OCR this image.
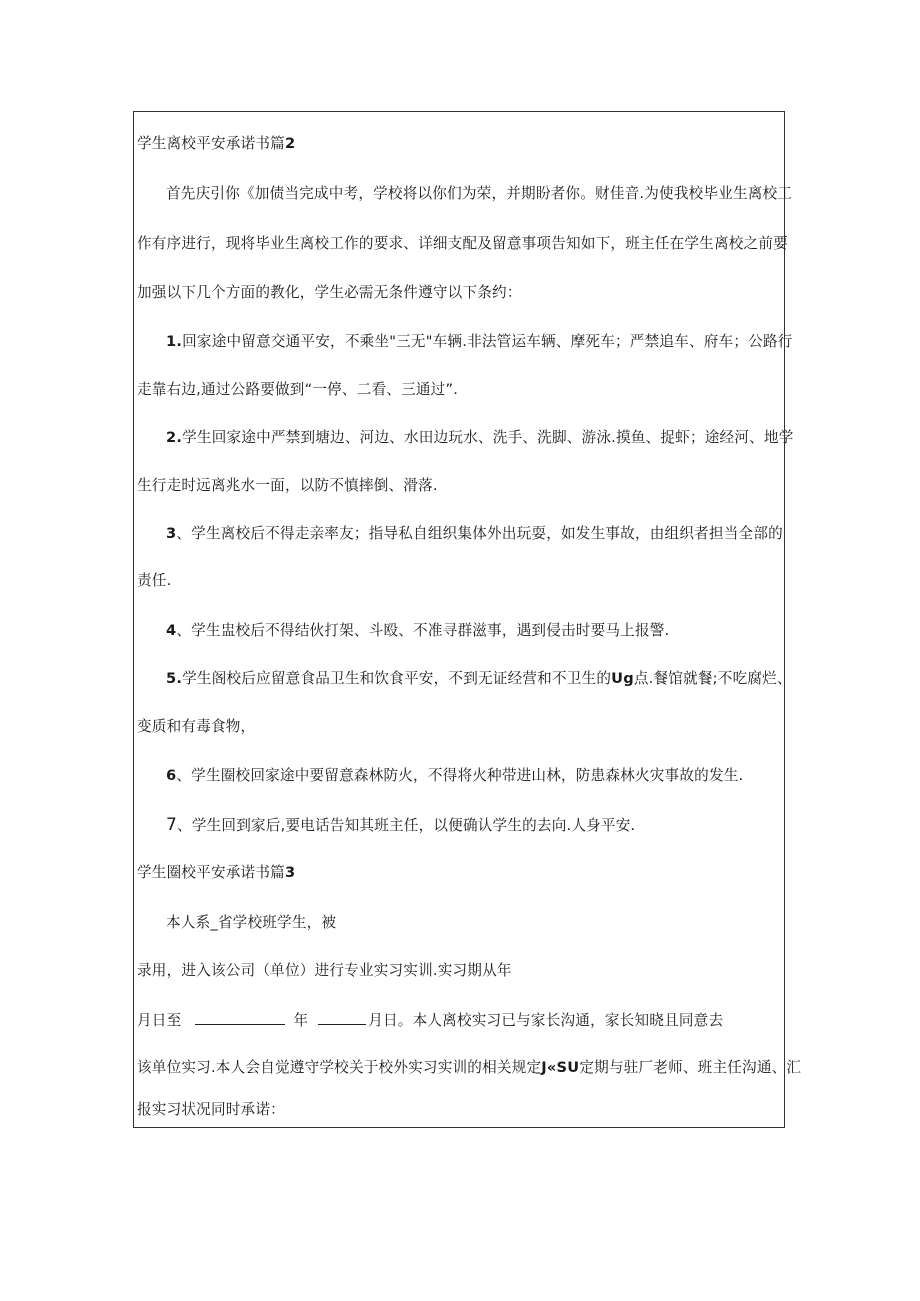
学生离校平安承诺书篇2
首先庆引你《加债当完成中考，学校将以你们为荣，并期盼者你。财佳音.为使我校毕业生离校工
作有序进行，现将毕业生离校工作的要求、详细支配及留意事项告知如下，班主任在学生离校之前要
加强以下几个方面的教化，学生必需无条件遵守以下条约：
1.回家途中留意交通平安，不乘坐"三无"车辆.非法管运车辆、摩死车；严禁追车、府车；公路行
走靠右边,通过公路要做到“一停、二看、三通过”.
2.学生回家途中严禁到塘边、河边、水田边玩水、洗手、洗脚、游泳.摸鱼、捉虾；途经河、地学
生行走时远离兆水一面，以防不慎摔倒、滑落.
3、学生离校后不得走亲率友；指导私自组织集体外出玩耍，如发生事故，由组织者担当全部的
责任.
4、学生盅校后不得结伙打架、斗殴、不准寻群滋事，遇到侵击时要马上报警.
5.学生阁校后应留意食品卫生和饮食平安，不到无证经营和不卫生的Ug点.餐馆就餐;不吃腐烂、
变质和有毒食物，
6、学生圈校回家途中要留意森林防火，不得将火种带进山林，防患森林火灾事故的发生.
7、学生回到家后,要电话告知其班主任，以便确认学生的去向.人身平安.
学生圈校平安承诺书篇3
本人系_省学校班学生，被
录用，进入该公司（单位）进行专业实习实训.实习期从年
月日至	年	月日。本人离校实习已与家长沟通，家长知晓且同意去
该单位实习.本人会自觉遵守学校关于校外实习实训的相关规定J«SU定期与驻厂老师、班主任沟通、汇
报实习状况同时承诺：
